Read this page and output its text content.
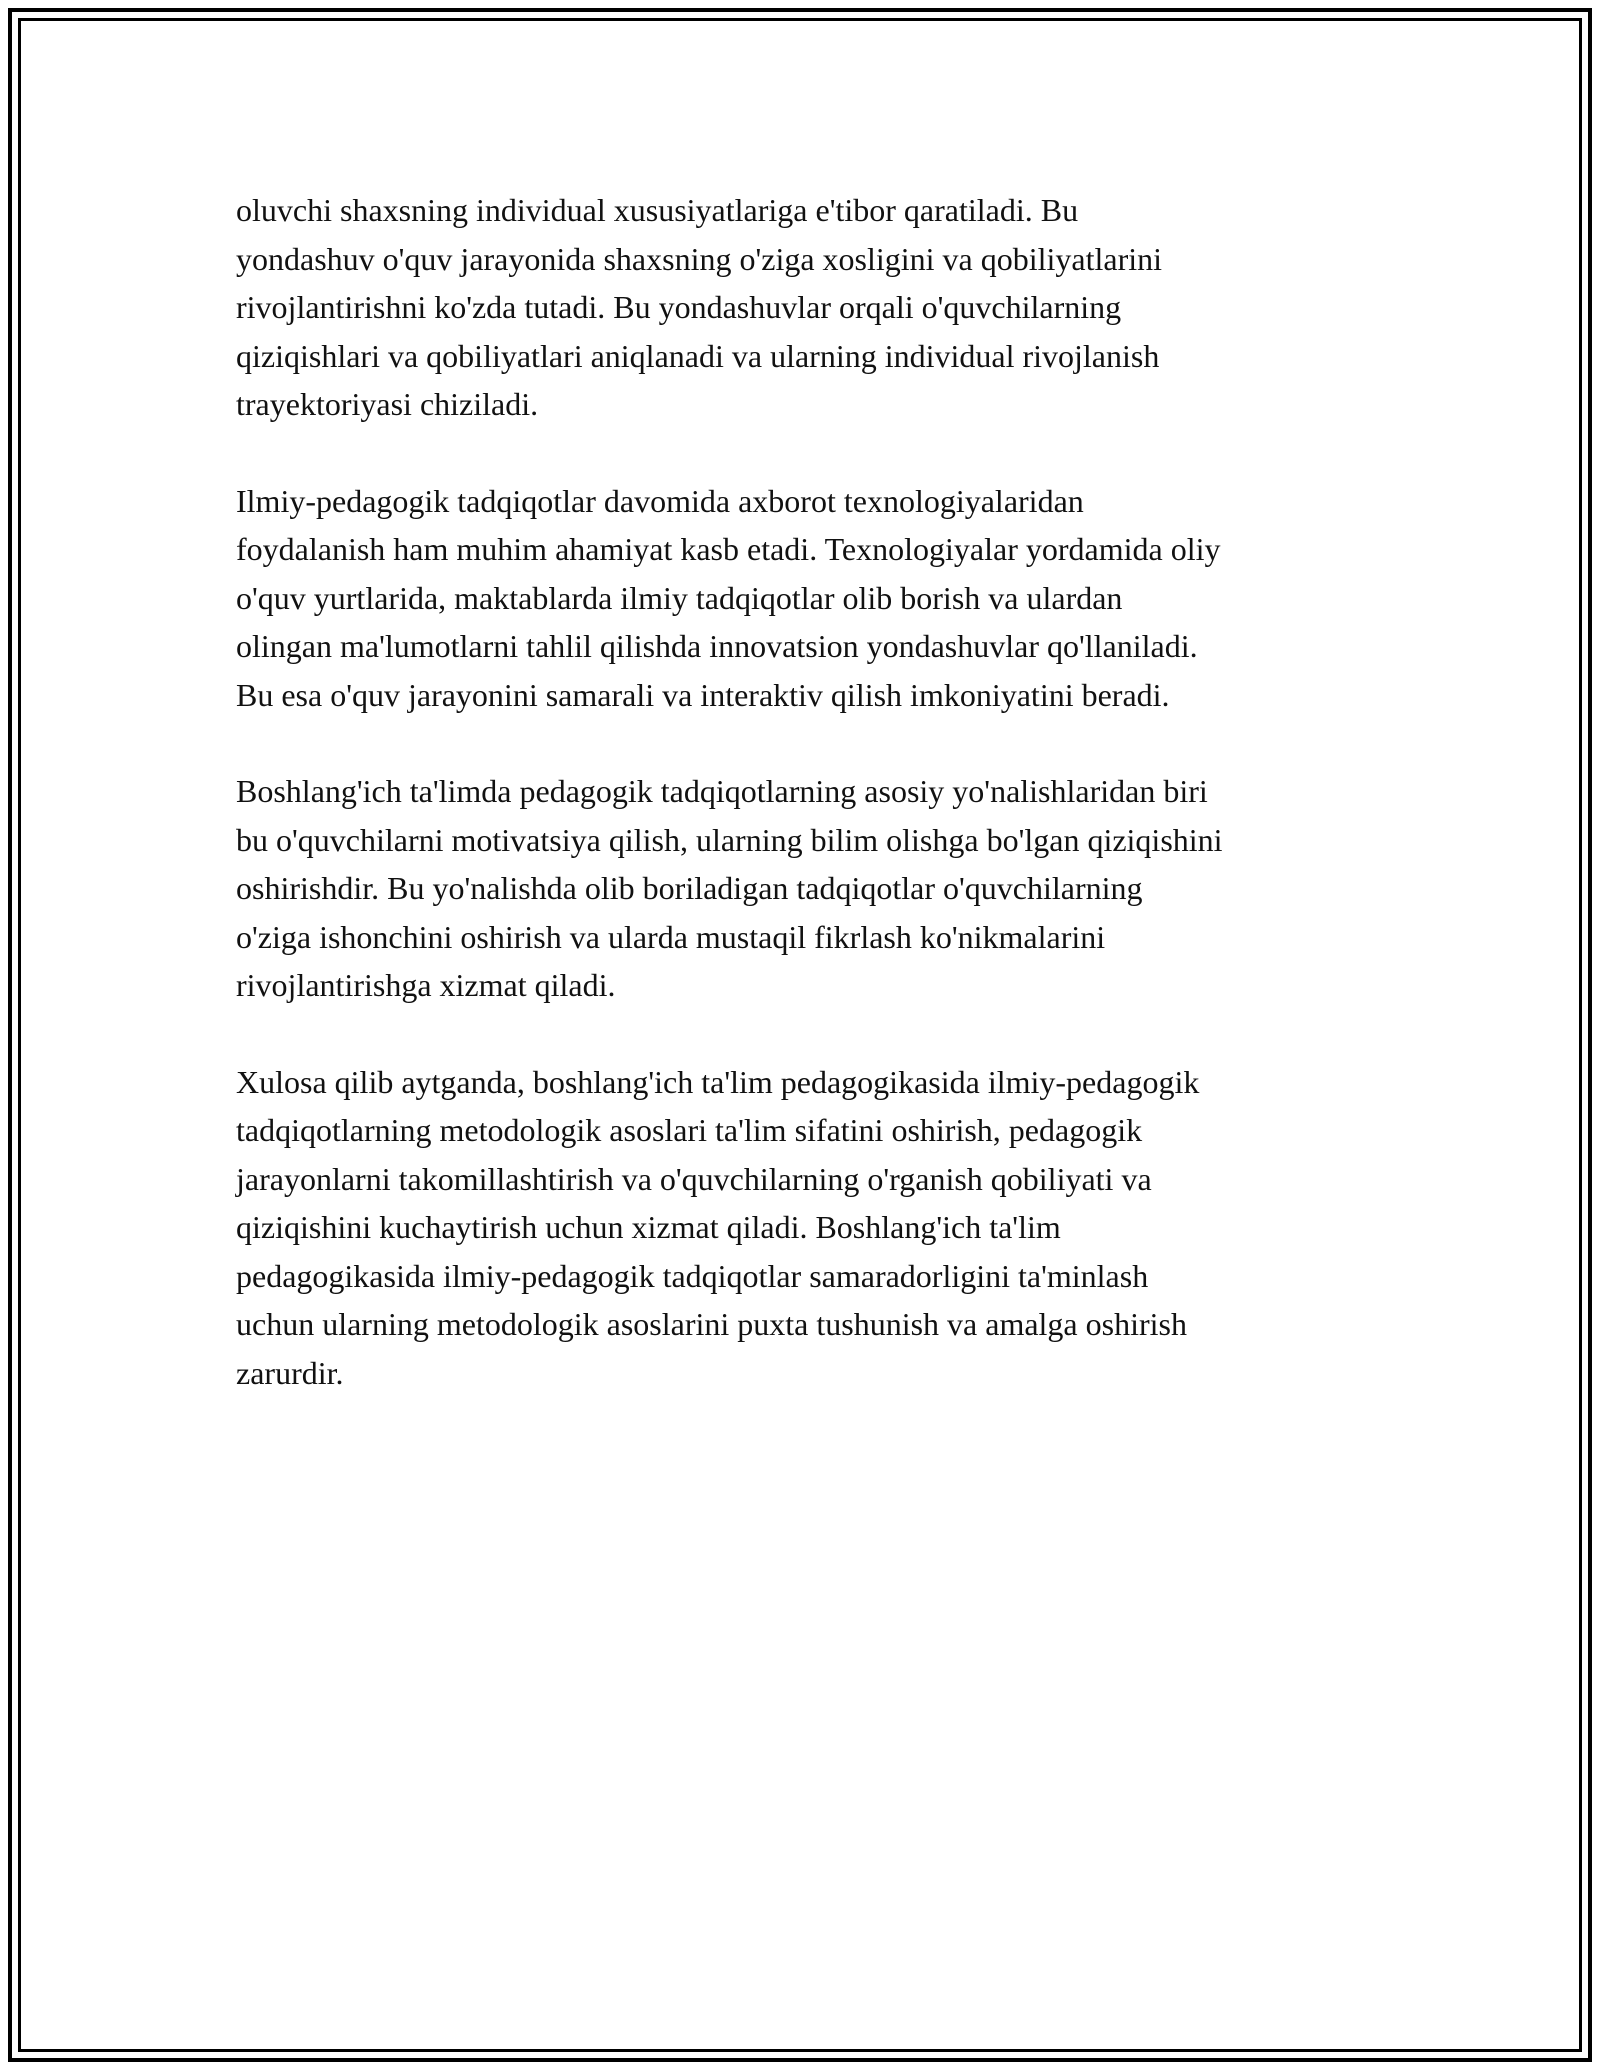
oluvchi shaxsning individual xususiyatlariga e'tibor qaratiladi. Bu
yondashuv o'quv jarayonida shaxsning o'ziga xosligini va qobiliyatlarini
rivojlantirishni ko'zda tutadi. Bu yondashuvlar orqali o'quvchilarning
qiziqishlari va qobiliyatlari aniqlanadi va ularning individual rivojlanish
trayektoriyasi chiziladi.

Ilmiy-pedagogik tadqiqotlar davomida axborot texnologiyalaridan
foydalanish ham muhim ahamiyat kasb etadi. Texnologiyalar yordamida oliy
o'quv yurtlarida, maktablarda ilmiy tadqiqotlar olib borish va ulardan
olingan ma'lumotlarni tahlil qilishda innovatsion yondashuvlar qo'llaniladi.
Bu esa o'quv jarayonini samarali va interaktiv qilish imkoniyatini beradi.

Boshlang'ich ta'limda pedagogik tadqiqotlarning asosiy yo'nalishlaridan biri
bu o'quvchilarni motivatsiya qilish, ularning bilim olishga bo'lgan qiziqishini
oshirishdir. Bu yo'nalishda olib boriladigan tadqiqotlar o'quvchilarning
o'ziga ishonchini oshirish va ularda mustaqil fikrlash ko'nikmalarini
rivojlantirishga xizmat qiladi.

Xulosa qilib aytganda, boshlang'ich ta'lim pedagogikasida ilmiy-pedagogik
tadqiqotlarning metodologik asoslari ta'lim sifatini oshirish, pedagogik
jarayonlarni takomillashtirish va o'quvchilarning o'rganish qobiliyati va
qiziqishini kuchaytirish uchun xizmat qiladi. Boshlang'ich ta'lim
pedagogikasida ilmiy-pedagogik tadqiqotlar samaradorligini ta'minlash
uchun ularning metodologik asoslarini puxta tushunish va amalga oshirish
zarurdir.
